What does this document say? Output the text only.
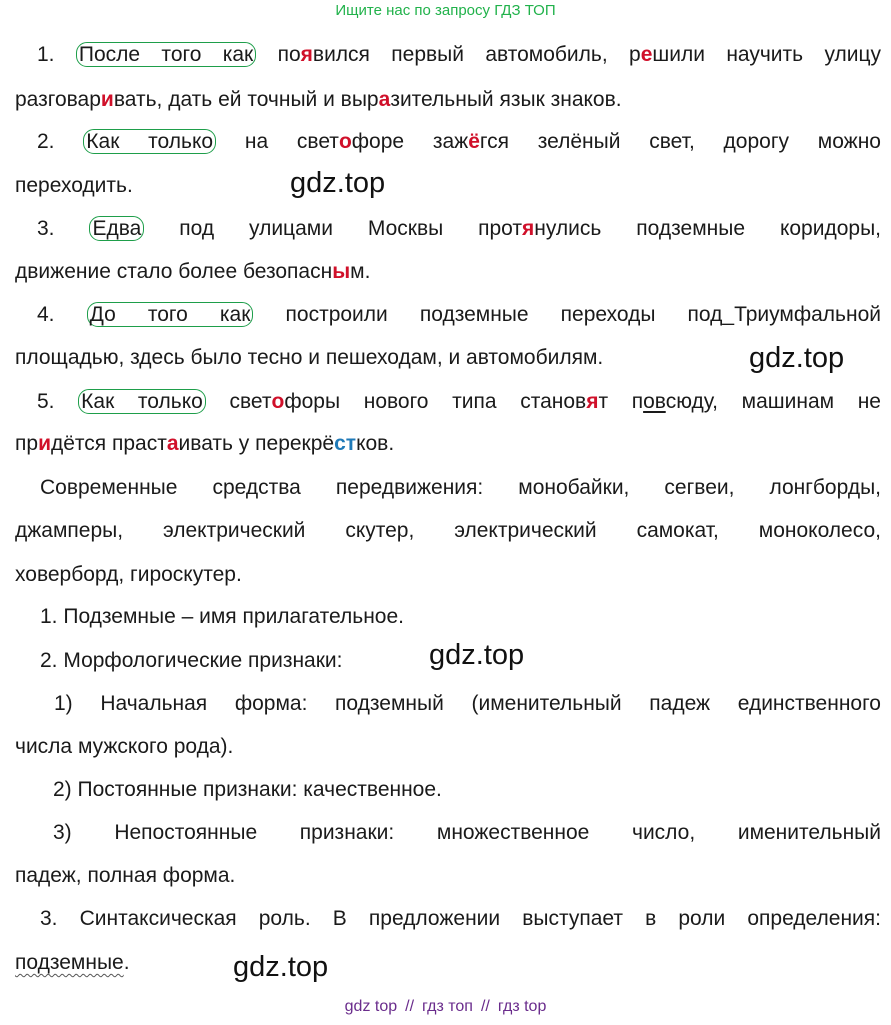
Ищите нас по запросу ГДЗ ТОП
1. После того как появился первый автомобиль, решили научить улицу
разговаривать, дать ей точный и выразительный язык знаков.
2. Как только на светофоре зажёгся зелёный свет, дорогу можно
переходить.	gdz.top
3. Едва под улицами Москвы протянулись подземные коридоры,
движение стало более безопасным.
4. До того как построили подземные переходы под_Триумфальной
площадью, здесь было тесно и пешеходам, и автомобилям.	gdz.top
5. Как только светофоры нового типа становят повсюду, машинам не
придётся прастаивать у перекрёстков.
Современные средства передвижения: монобайки, сегвеи, лонгборды,
джамперы, электрический скутер, электрический самокат, моноколесо,
ховерборд, гироскутер.
1. Подземные – имя прилагательное.
2. Морфологические признаки:	gdz.top
1) Начальная форма: подземный (именительный падеж единственного
числа мужского рода).
2) Постоянные признаки: качественное.
3) Непостоянные признаки: множественное число, именительный
падеж, полная форма.
3. Синтаксическая роль. В предложении выступает в роли определения:
подземные.	gdz.top
gdz top // гдз топ // гдз top
